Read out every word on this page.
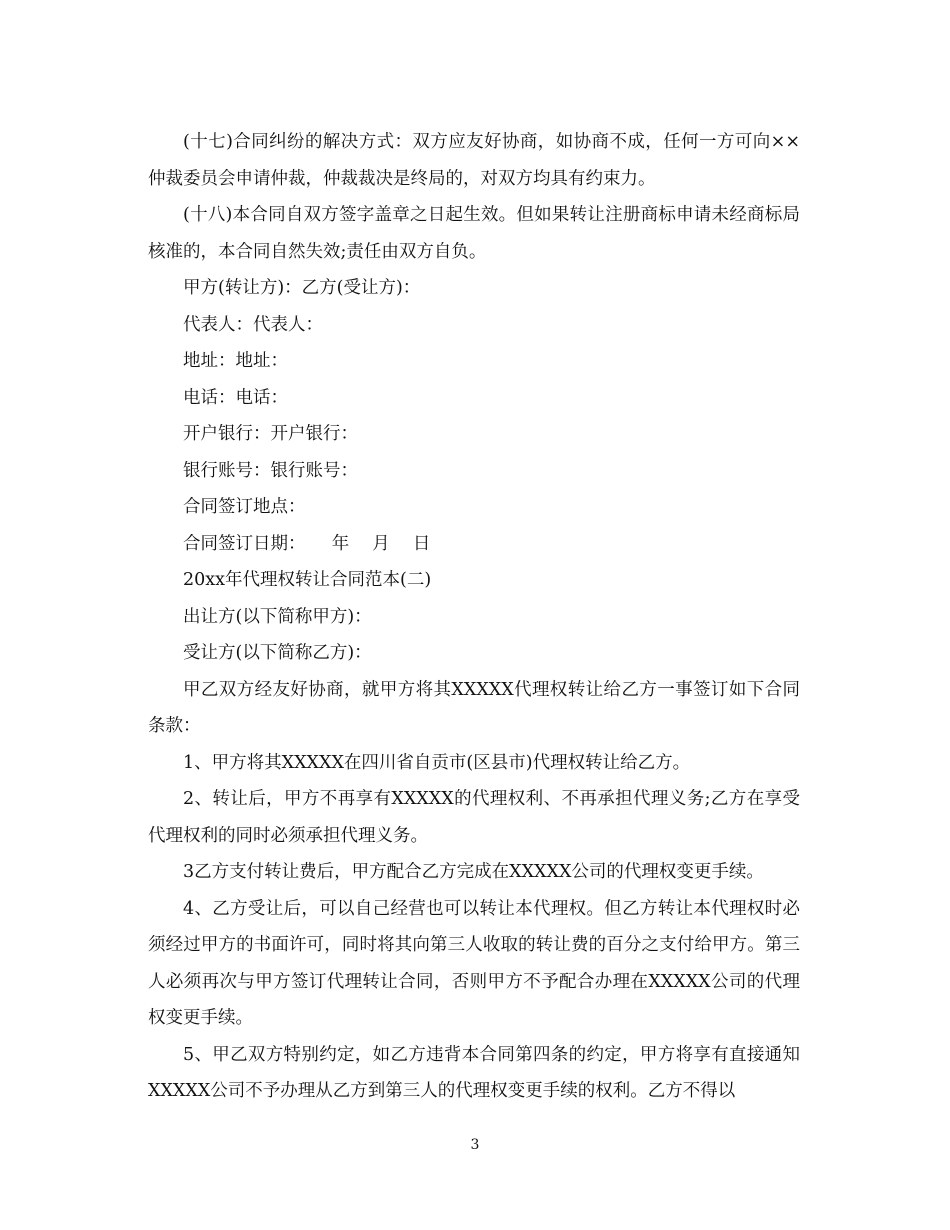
(十七)合同纠纷的解决方式：双方应友好协商，如协商不成，任何一方可向××仲裁委员会申请仲裁，仲裁裁决是终局的，对双方均具有约束力。

(十八)本合同自双方签字盖章之日起生效。但如果转让注册商标申请未经商标局核准的，本合同自然失效;责任由双方自负。

甲方(转让方)：乙方(受让方)：

代表人：代表人：

地址：地址：

电话：电话：

开户银行：开户银行：

银行账号：银行账号：

合同签订地点：

合同签订日期：　　年　 月　 日

20xx年代理权转让合同范本(二)

出让方(以下简称甲方)：

受让方(以下简称乙方)：

甲乙双方经友好协商，就甲方将其XXXXX代理权转让给乙方一事签订如下合同条款：

1、甲方将其XXXXX在四川省自贡市(区县市)代理权转让给乙方。

2、转让后，甲方不再享有XXXXX的代理权利、不再承担代理义务;乙方在享受代理权利的同时必须承担代理义务。

3乙方支付转让费后，甲方配合乙方完成在XXXXX公司的代理权变更手续。

4、乙方受让后，可以自己经营也可以转让本代理权。但乙方转让本代理权时必须经过甲方的书面许可，同时将其向第三人收取的转让费的百分之支付给甲方。第三人必须再次与甲方签订代理转让合同，否则甲方不予配合办理在XXXXX公司的代理权变更手续。

5、甲乙双方特别约定，如乙方违背本合同第四条的约定，甲方将享有直接通知XXXXX公司不予办理从乙方到第三人的代理权变更手续的权利。乙方不得以

3
